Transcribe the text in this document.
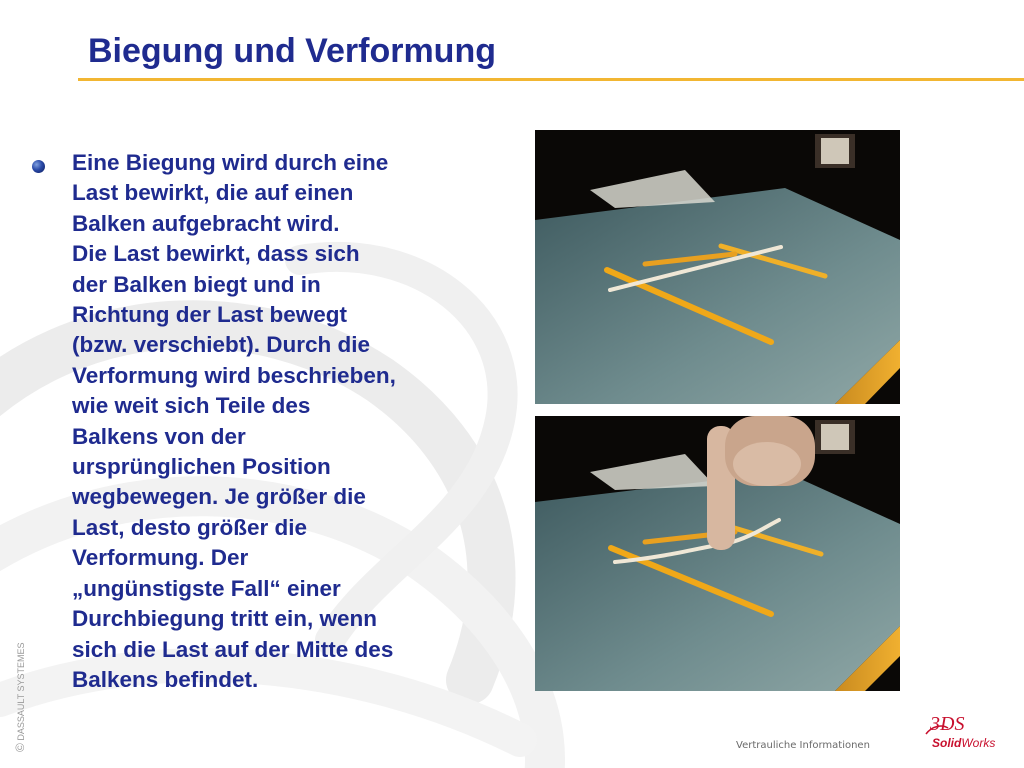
Biegung und Verformung

Eine Biegung wird durch eine
Last bewirkt, die auf einen
Balken aufgebracht wird.
Die Last bewirkt, dass sich
der Balken biegt und in
Richtung der Last bewegt
(bzw. verschiebt). Durch die
Verformung wird beschrieben,
wie weit sich Teile des
Balkens von der
ursprünglichen Position
wegbewegen. Je größer die
Last, desto größer die
Verformung. Der
„ungünstigste Fall“ einer
Durchbiegung tritt ein, wenn
sich die Last auf der Mitte des
Balkens befindet.

© DASSAULT SYSTEMES

Vertrauliche Informationen

3DS

SolidWorks
